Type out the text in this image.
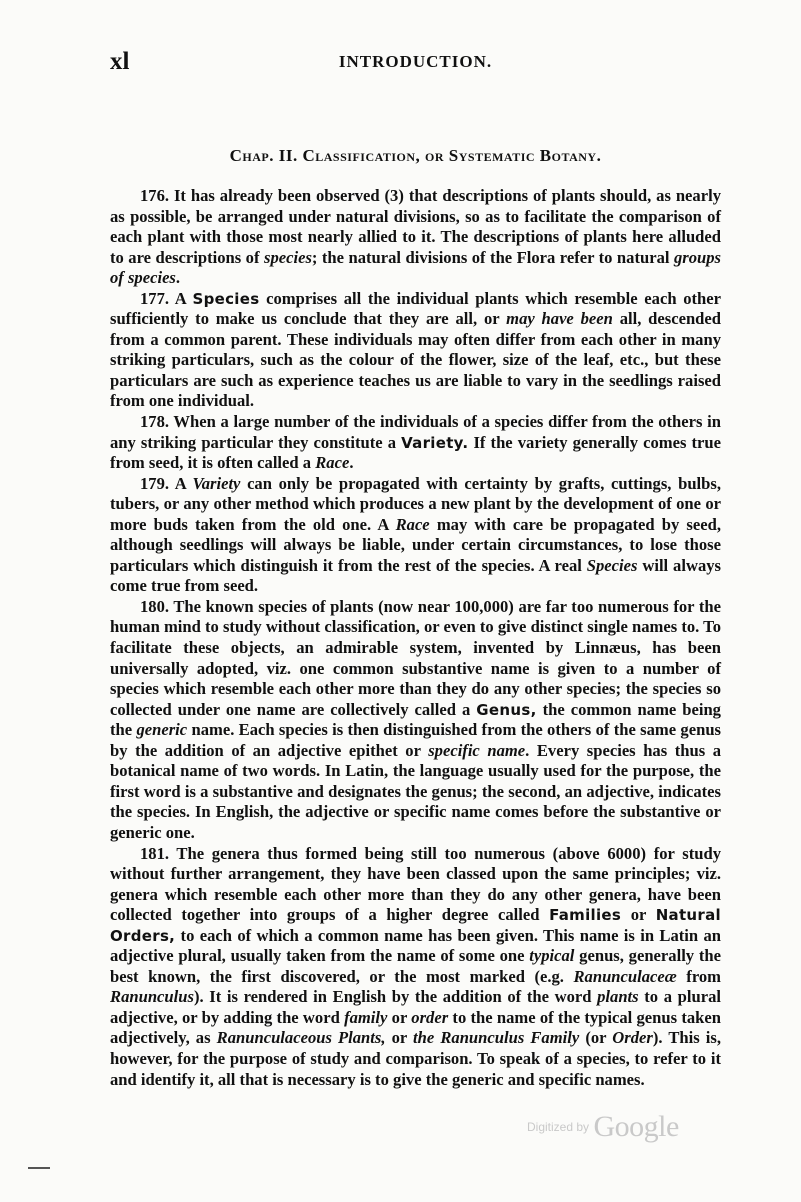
xl	INTRODUCTION.
Chap. II. Classification, or Systematic Botany.

176. It has already been observed (3) that descriptions of plants should, as nearly as possible, be arranged under natural divisions, so as to facilitate the comparison of each plant with those most nearly allied to it. The descriptions of plants here alluded to are descriptions of species; the natural divisions of the Flora refer to natural groups of species.

177. A Species comprises all the individual plants which resemble each other sufficiently to make us conclude that they are all, or may have been all, descended from a common parent. These individuals may often differ from each other in many striking particulars, such as the colour of the flower, size of the leaf, etc., but these particulars are such as experience teaches us are liable to vary in the seedlings raised from one individual.

178. When a large number of the individuals of a species differ from the others in any striking particular they constitute a Variety. If the variety generally comes true from seed, it is often called a Race.

179. A Variety can only be propagated with certainty by grafts, cuttings, bulbs, tubers, or any other method which produces a new plant by the development of one or more buds taken from the old one. A Race may with care be propagated by seed, although seedlings will always be liable, under certain circumstances, to lose those particulars which distinguish it from the rest of the species. A real Species will always come true from seed.

180. The known species of plants (now near 100,000) are far too numerous for the human mind to study without classification, or even to give distinct single names to. To facilitate these objects, an admirable system, invented by Linnæus, has been universally adopted, viz. one common substantive name is given to a number of species which resemble each other more than they do any other species; the species so collected under one name are collectively called a Genus, the common name being the generic name. Each species is then distinguished from the others of the same genus by the addition of an adjective epithet or specific name. Every species has thus a botanical name of two words. In Latin, the language usually used for the purpose, the first word is a substantive and designates the genus; the second, an adjective, indicates the species. In English, the adjective or specific name comes before the substantive or generic one.

181. The genera thus formed being still too numerous (above 6000) for study without further arrangement, they have been classed upon the same principles; viz. genera which resemble each other more than they do any other genera, have been collected together into groups of a higher degree called Families or Natural Orders, to each of which a common name has been given. This name is in Latin an adjective plural, usually taken from the name of some one typical genus, generally the best known, the first discovered, or the most marked (e.g. Ranunculaceæ from Ranunculus). It is rendered in English by the addition of the word plants to a plural adjective, or by adding the word family or order to the name of the typical genus taken adjectively, as Ranunculaceous Plants, or the Ranunculus Family (or Order). This is, however, for the purpose of study and comparison. To speak of a species, to refer to it and identify it, all that is necessary is to give the generic and specific names.

Digitized by Google
